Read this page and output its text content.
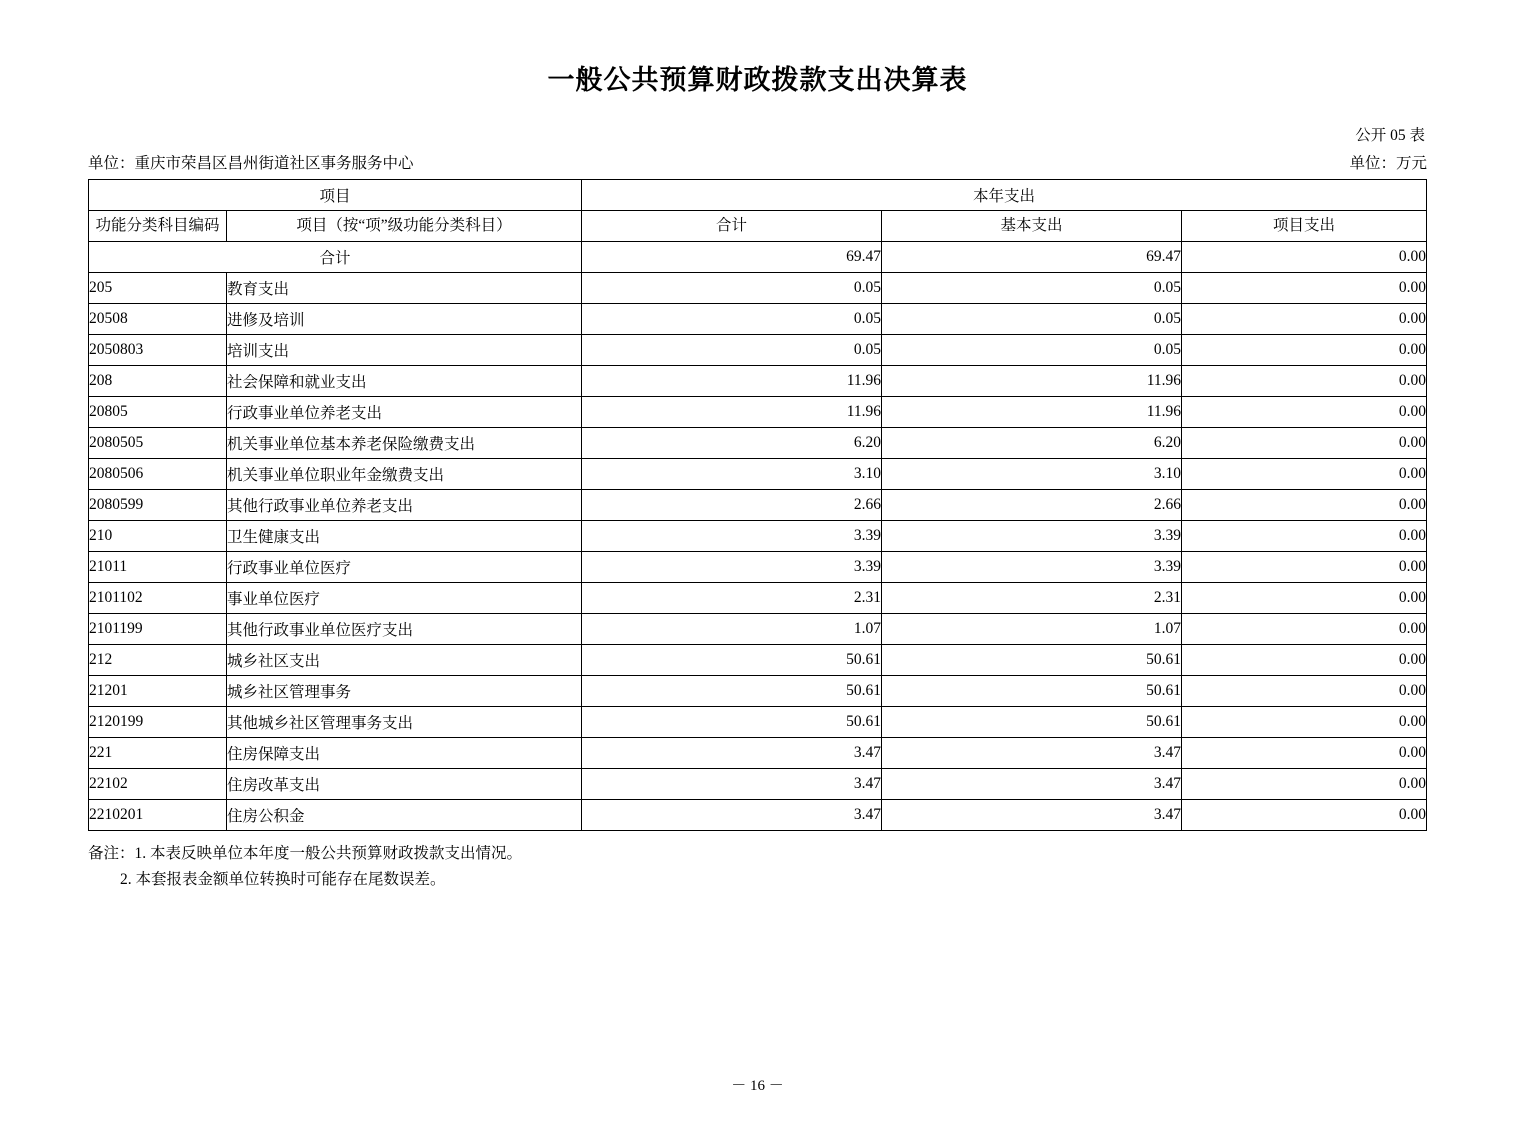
一般公共预算财政拨款支出决算表
公开 05 表
单位：重庆市荣昌区昌州街道社区事务服务中心	单位：万元
项目		本年支出		
功能分类科目编码	项目（按“项”级功能分类科目）	合计	基本支出	项目支出
合计		69.47	69.47	0.00
205	教育支出	0.05	0.05	0.00
20508	进修及培训	0.05	0.05	0.00
2050803	培训支出	0.05	0.05	0.00
208	社会保障和就业支出	11.96	11.96	0.00
20805	行政事业单位养老支出	11.96	11.96	0.00
2080505	机关事业单位基本养老保险缴费支出	6.20	6.20	0.00
2080506	机关事业单位职业年金缴费支出	3.10	3.10	0.00
2080599	其他行政事业单位养老支出	2.66	2.66	0.00
210	卫生健康支出	3.39	3.39	0.00
21011	行政事业单位医疗	3.39	3.39	0.00
2101102	事业单位医疗	2.31	2.31	0.00
2101199	其他行政事业单位医疗支出	1.07	1.07	0.00
212	城乡社区支出	50.61	50.61	0.00
21201	城乡社区管理事务	50.61	50.61	0.00
2120199	其他城乡社区管理事务支出	50.61	50.61	0.00
221	住房保障支出	3.47	3.47	0.00
22102	住房改革支出	3.47	3.47	0.00
2210201	住房公积金	3.47	3.47	0.00
备注：1. 本表反映单位本年度一般公共预算财政拨款支出情况。
2. 本套报表金额单位转换时可能存在尾数误差。
－ 16 －
